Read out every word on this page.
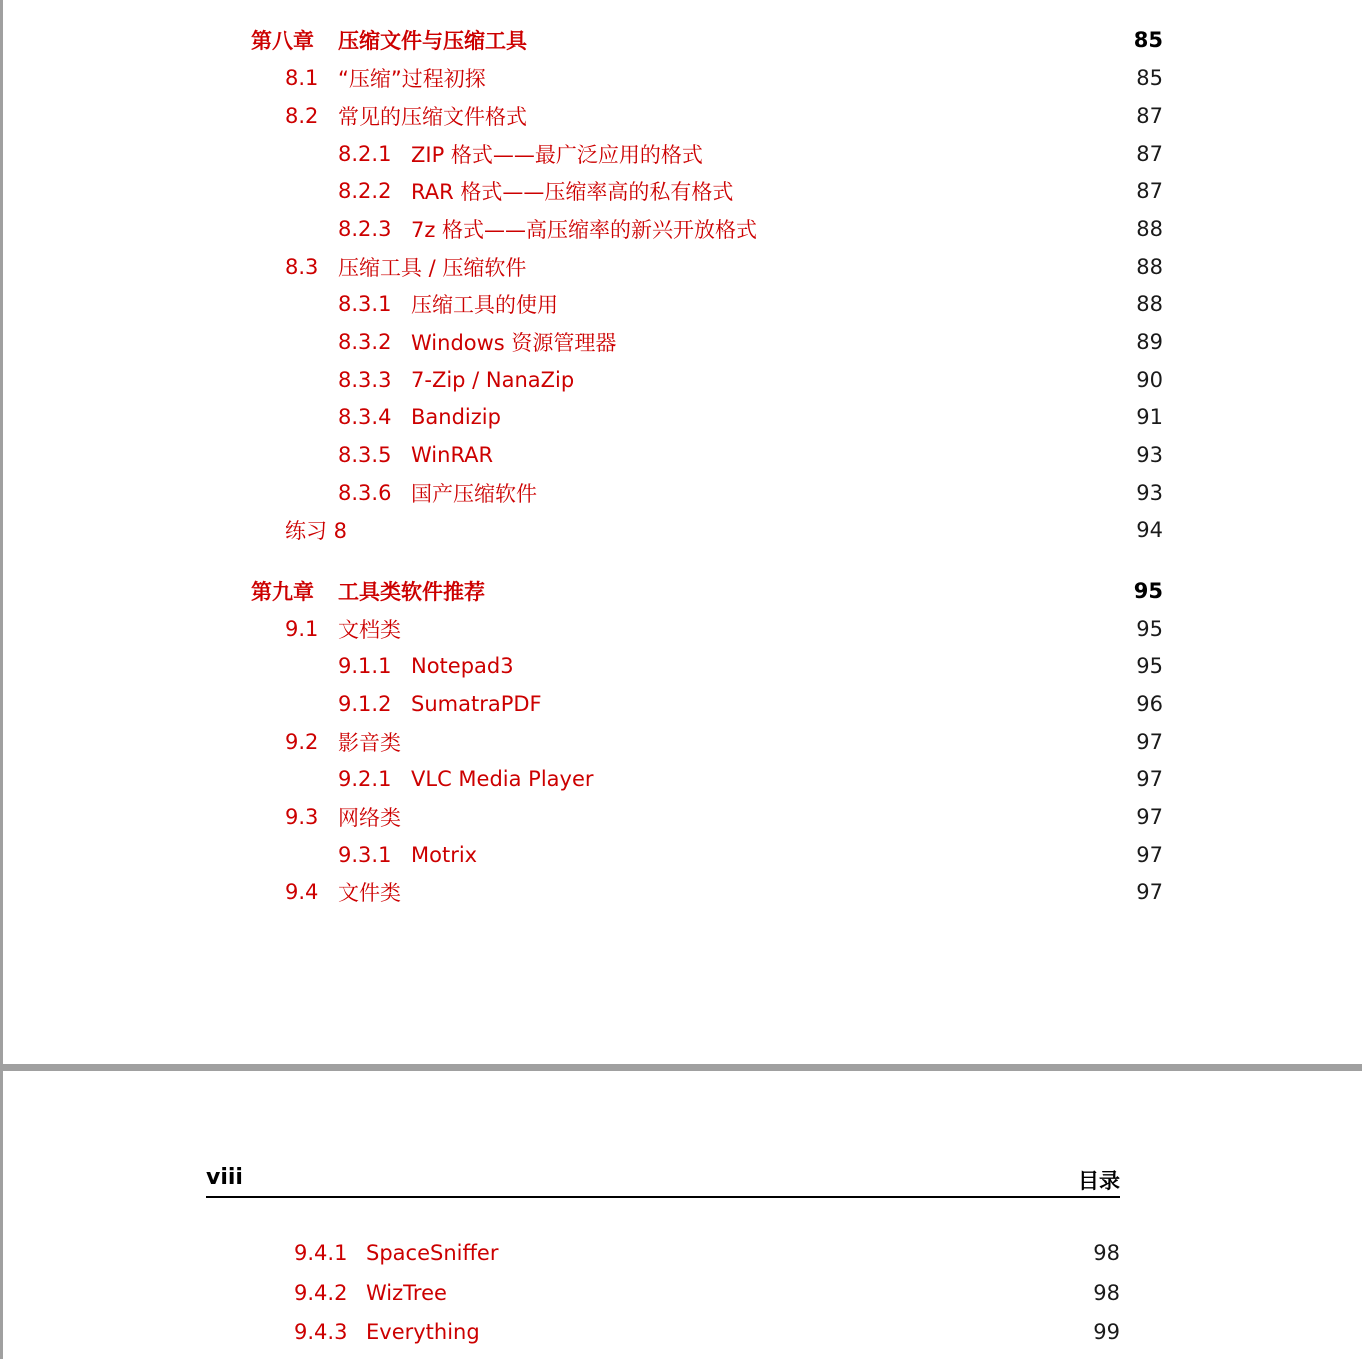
第八章 压缩文件与压缩工具	85
8.1 “压缩”过程初探	85
8.2 常见的压缩文件格式	87
8.2.1 ZIP 格式——最广泛应用的格式	87
8.2.2 RAR 格式——压缩率高的私有格式	87
8.2.3 7z 格式——高压缩率的新兴开放格式	88
8.3 压缩工具 / 压缩软件	88
8.3.1 压缩工具的使用	88
8.3.2 Windows 资源管理器	89
8.3.3 7-Zip / NanaZip	90
8.3.4 Bandizip	91
8.3.5 WinRAR	93
8.3.6 国产压缩软件	93
练习 8	94
第九章 工具类软件推荐	95
9.1 文档类	95
9.1.1 Notepad3	95
9.1.2 SumatraPDF	96
9.2 影音类	97
9.2.1 VLC Media Player	97
9.3 网络类	97
9.3.1 Motrix	97
9.4 文件类	97
viii	目录
9.4.1 SpaceSniffer	98
9.4.2 WizTree	98
9.4.3 Everything	99
